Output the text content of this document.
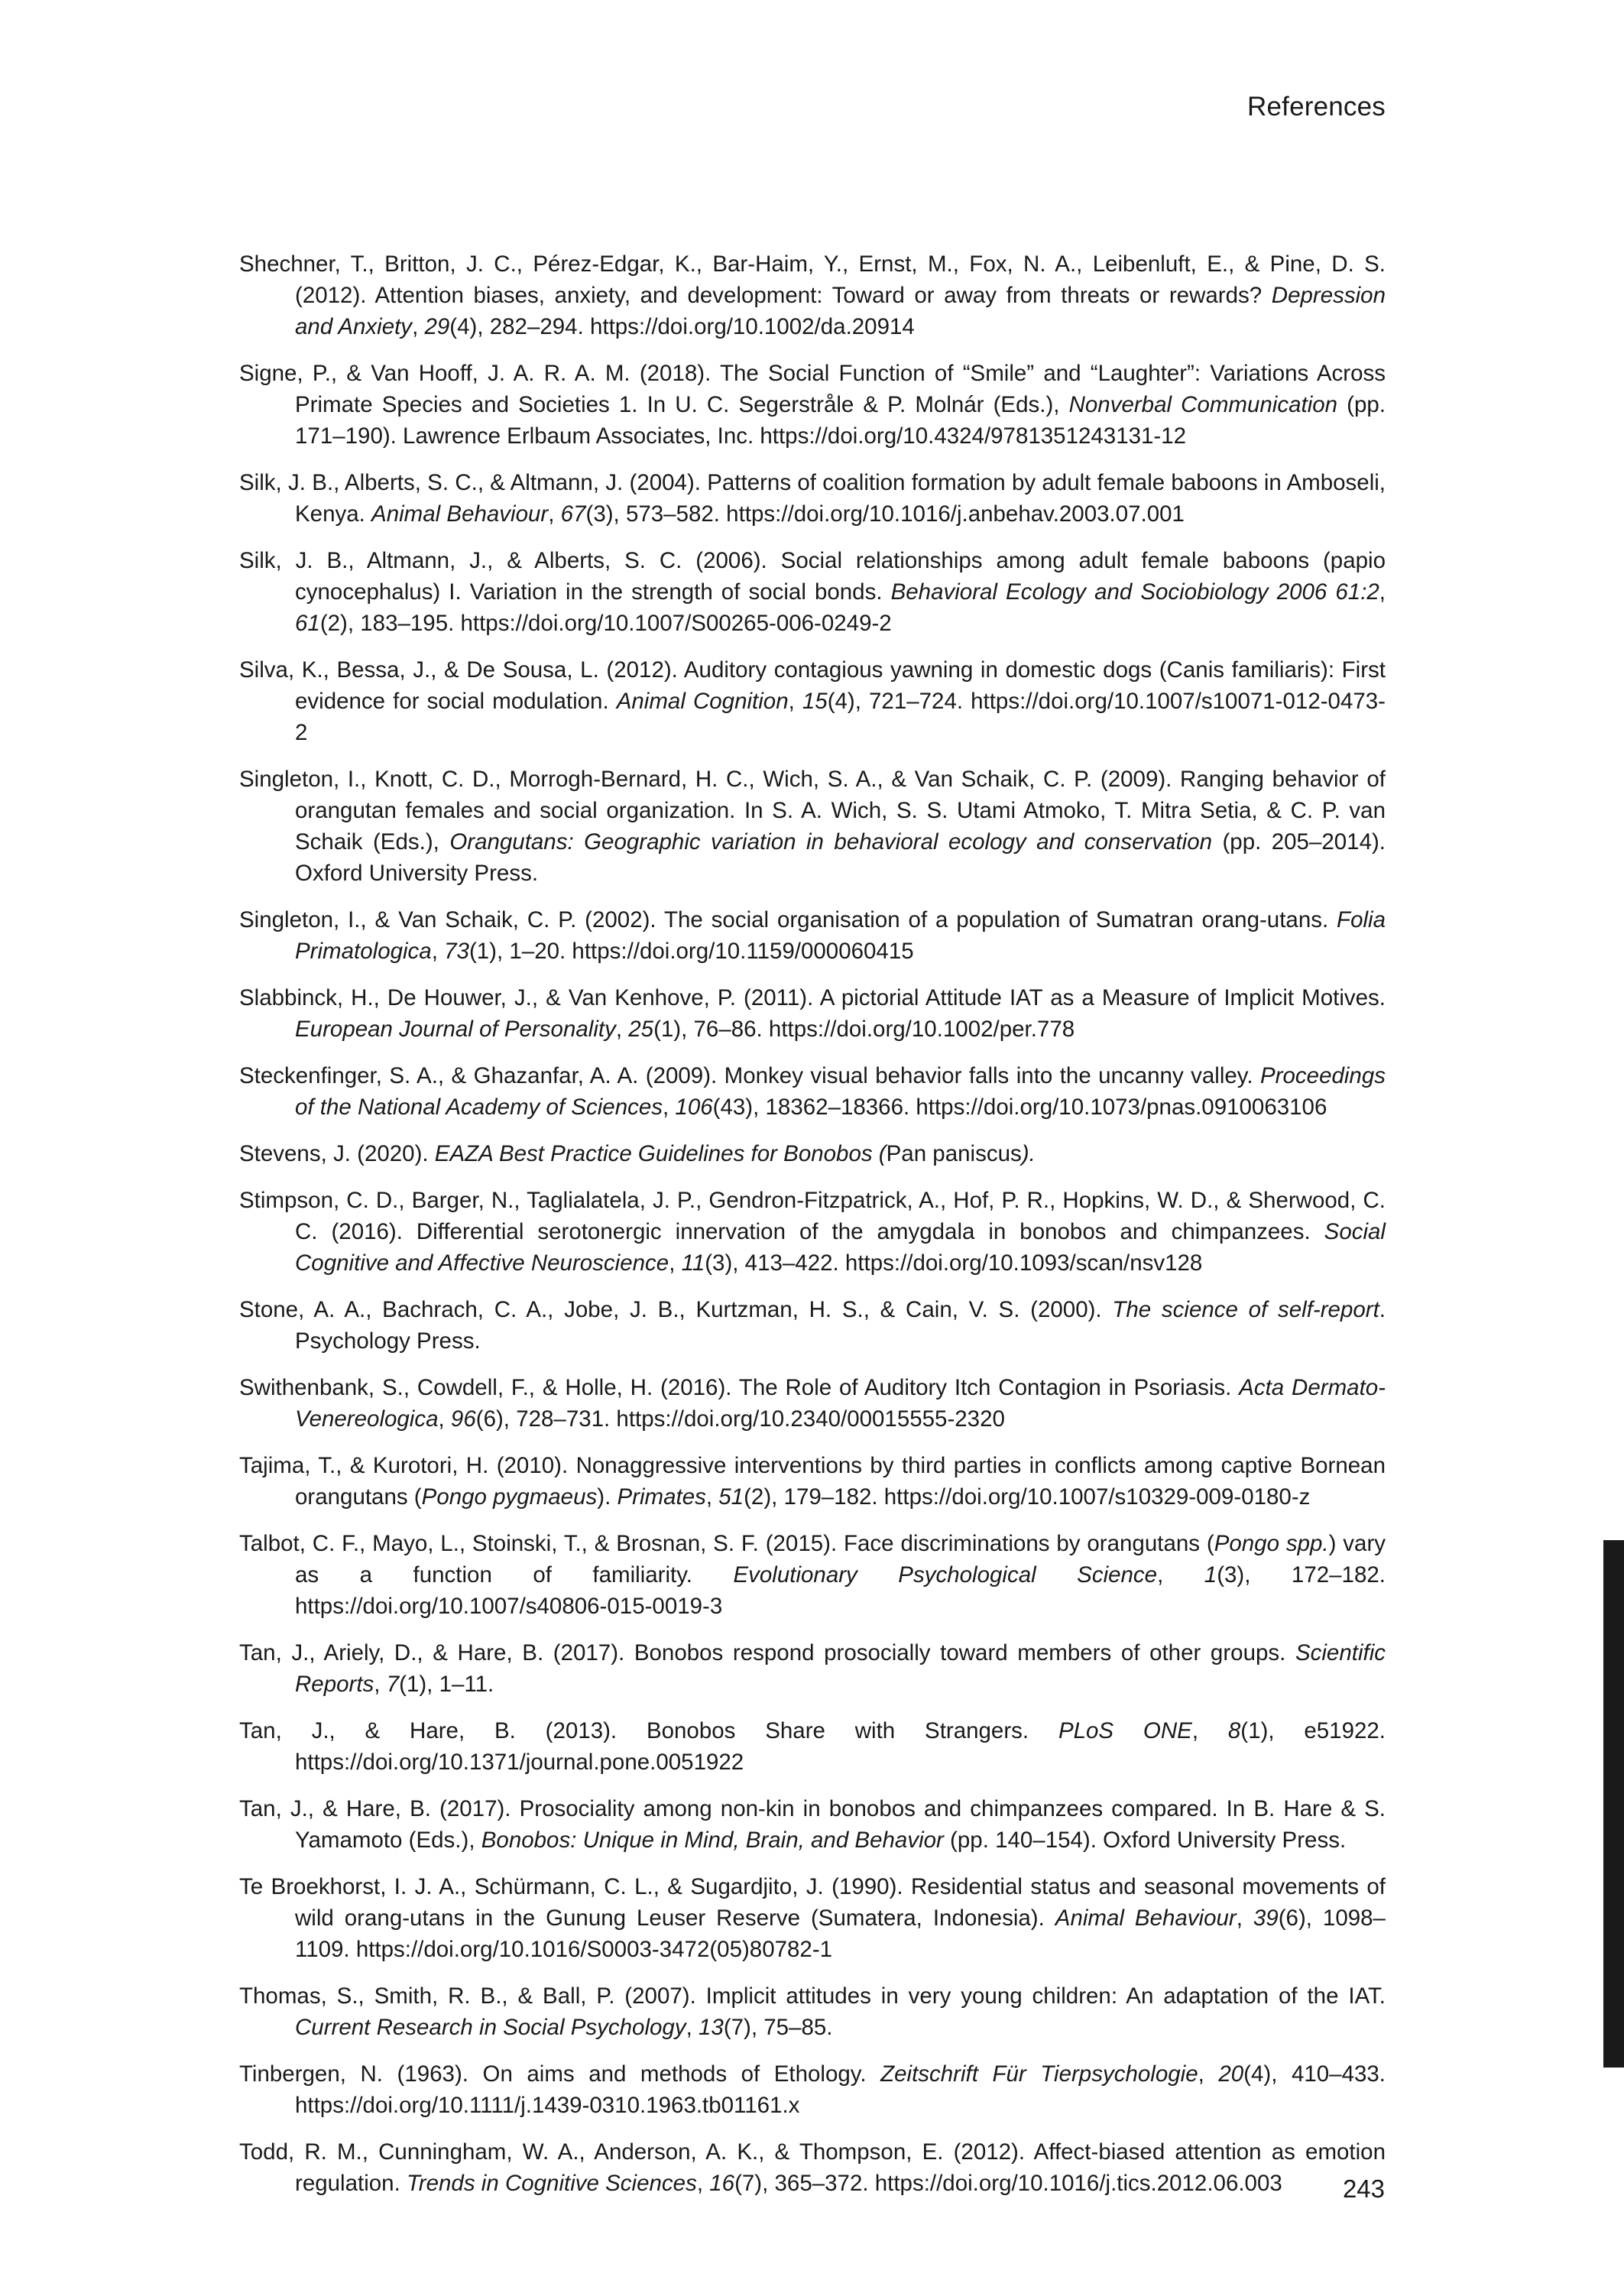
References

Shechner, T., Britton, J. C., Pérez-Edgar, K., Bar-Haim, Y., Ernst, M., Fox, N. A., Leibenluft, E., & Pine, D. S. (2012). Attention biases, anxiety, and development: Toward or away from threats or rewards? Depression and Anxiety, 29(4), 282–294. https://doi.org/10.1002/da.20914

Signe, P., & Van Hooff, J. A. R. A. M. (2018). The Social Function of “Smile” and “Laughter”: Variations Across Primate Species and Societies 1. In U. C. Segerstråle & P. Molnár (Eds.), Nonverbal Communication (pp. 171–190). Lawrence Erlbaum Associates, Inc. https://doi.org/10.4324/9781351243131-12

Silk, J. B., Alberts, S. C., & Altmann, J. (2004). Patterns of coalition formation by adult female baboons in Amboseli, Kenya. Animal Behaviour, 67(3), 573–582. https://doi.org/10.1016/j.anbehav.2003.07.001

Silk, J. B., Altmann, J., & Alberts, S. C. (2006). Social relationships among adult female baboons (papio cynocephalus) I. Variation in the strength of social bonds. Behavioral Ecology and Sociobiology 2006 61:2, 61(2), 183–195. https://doi.org/10.1007/S00265-006-0249-2

Silva, K., Bessa, J., & De Sousa, L. (2012). Auditory contagious yawning in domestic dogs (Canis familiaris): First evidence for social modulation. Animal Cognition, 15(4), 721–724. https://doi.org/10.1007/s10071-012-0473-2

Singleton, I., Knott, C. D., Morrogh-Bernard, H. C., Wich, S. A., & Van Schaik, C. P. (2009). Ranging behavior of orangutan females and social organization. In S. A. Wich, S. S. Utami Atmoko, T. Mitra Setia, & C. P. van Schaik (Eds.), Orangutans: Geographic variation in behavioral ecology and conservation (pp. 205–2014). Oxford University Press.

Singleton, I., & Van Schaik, C. P. (2002). The social organisation of a population of Sumatran orang-utans. Folia Primatologica, 73(1), 1–20. https://doi.org/10.1159/000060415

Slabbinck, H., De Houwer, J., & Van Kenhove, P. (2011). A pictorial Attitude IAT as a Measure of Implicit Motives. European Journal of Personality, 25(1), 76–86. https://doi.org/10.1002/per.778

Steckenfinger, S. A., & Ghazanfar, A. A. (2009). Monkey visual behavior falls into the uncanny valley. Proceedings of the National Academy of Sciences, 106(43), 18362–18366. https://doi.org/10.1073/pnas.0910063106

Stevens, J. (2020). EAZA Best Practice Guidelines for Bonobos (Pan paniscus).

Stimpson, C. D., Barger, N., Taglialatela, J. P., Gendron-Fitzpatrick, A., Hof, P. R., Hopkins, W. D., & Sherwood, C. C. (2016). Differential serotonergic innervation of the amygdala in bonobos and chimpanzees. Social Cognitive and Affective Neuroscience, 11(3), 413–422. https://doi.org/10.1093/scan/nsv128

Stone, A. A., Bachrach, C. A., Jobe, J. B., Kurtzman, H. S., & Cain, V. S. (2000). The science of self-report. Psychology Press.

Swithenbank, S., Cowdell, F., & Holle, H. (2016). The Role of Auditory Itch Contagion in Psoriasis. Acta Dermato-Venereologica, 96(6), 728–731. https://doi.org/10.2340/00015555-2320

Tajima, T., & Kurotori, H. (2010). Nonaggressive interventions by third parties in conflicts among captive Bornean orangutans (Pongo pygmaeus). Primates, 51(2), 179–182. https://doi.org/10.1007/s10329-009-0180-z

Talbot, C. F., Mayo, L., Stoinski, T., & Brosnan, S. F. (2015). Face discriminations by orangutans (Pongo spp.) vary as a function of familiarity. Evolutionary Psychological Science, 1(3), 172–182. https://doi.org/10.1007/s40806-015-0019-3

Tan, J., Ariely, D., & Hare, B. (2017). Bonobos respond prosocially toward members of other groups. Scientific Reports, 7(1), 1–11.

Tan, J., & Hare, B. (2013). Bonobos Share with Strangers. PLoS ONE, 8(1), e51922. https://doi.org/10.1371/journal.pone.0051922

Tan, J., & Hare, B. (2017). Prosociality among non-kin in bonobos and chimpanzees compared. In B. Hare & S. Yamamoto (Eds.), Bonobos: Unique in Mind, Brain, and Behavior (pp. 140–154). Oxford University Press.

Te Broekhorst, I. J. A., Schürmann, C. L., & Sugardjito, J. (1990). Residential status and seasonal movements of wild orang-utans in the Gunung Leuser Reserve (Sumatera, Indonesia). Animal Behaviour, 39(6), 1098–1109. https://doi.org/10.1016/S0003-3472(05)80782-1

Thomas, S., Smith, R. B., & Ball, P. (2007). Implicit attitudes in very young children: An adaptation of the IAT. Current Research in Social Psychology, 13(7), 75–85.

Tinbergen, N. (1963). On aims and methods of Ethology. Zeitschrift Für Tierpsychologie, 20(4), 410–433. https://doi.org/10.1111/j.1439-0310.1963.tb01161.x

Todd, R. M., Cunningham, W. A., Anderson, A. K., & Thompson, E. (2012). Affect-biased attention as emotion regulation. Trends in Cognitive Sciences, 16(7), 365–372. https://doi.org/10.1016/j.tics.2012.06.003	243
